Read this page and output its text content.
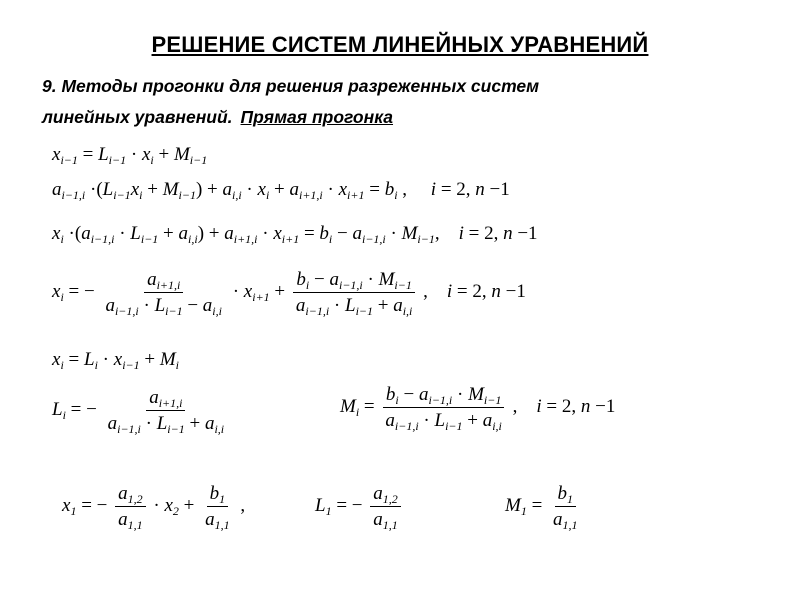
РЕШЕНИЕ СИСТЕМ ЛИНЕЙНЫХ УРАВНЕНИЙ
9. Методы прогонки для решения разреженных систем
линейных уравнений. Прямая прогонка
$x_{i-1} = L_{i-1} \cdot x_i + M_{i-1}$
$a_{i-1,i} \cdot(L_{i-1}x_i + M_{i-1}) + a_{i,i} \cdot x_i + a_{i+1,i} \cdot x_{i+1} = b_i$ ,     i = 2, n −1
$x_i \cdot(a_{i-1,i} \cdot L_{i-1} + a_{i,i}) + a_{i+1,i} \cdot x_{i+1} = b_i - a_{i-1,i} \cdot M_{i-1}$,    i = 2, n −1
$x_i$ = − $\frac{a_{i+1,i}}{a_{i-1,i} \cdot L_{i-1} - a_{i,i}} \cdot x_{i+1} + \frac{b_i - a_{i-1,i} \cdot M_{i-1}}{a_{i-1,i} \cdot L_{i-1} + a_{i,i}}$ ,    i = 2, n −1
$x_i = L_i \cdot x_{i-1} + M_i$
$L_i$ = − $\frac{a_{i+1,i}}{a_{i-1,i} \cdot L_{i-1} + a_{i,i}}$	$M_i = \frac{b_i - a_{i-1,i} \cdot M_{i-1}}{a_{i-1,i} \cdot L_{i-1} + a_{i,i}}$ ,    i = 2, n −1
$x_1$ = − $\frac{a_{1,2}}{a_{1,1}} \cdot x_2 + \frac{b_1}{a_{1,1}}$ ,	$L_1$ = − $\frac{a_{1,2}}{a_{1,1}}$	$M_1 = \frac{b_1}{a_{1,1}}$
